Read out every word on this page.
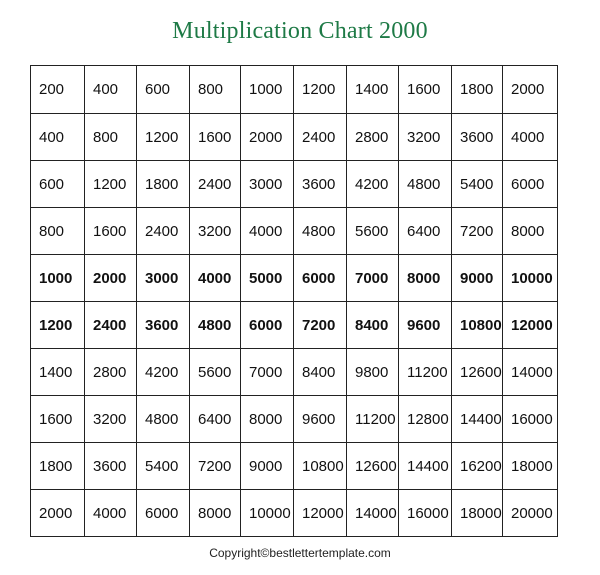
Multiplication Chart 2000
200	400	600	800	1000	1200	1400	1600	1800	2000
400	800	1200	1600	2000	2400	2800	3200	3600	4000
600	1200	1800	2400	3000	3600	4200	4800	5400	6000
800	1600	2400	3200	4000	4800	5600	6400	7200	8000
1000	2000	3000	4000	5000	6000	7000	8000	9000	10000
1200	2400	3600	4800	6000	7200	8400	9600	10800	12000
1400	2800	4200	5600	7000	8400	9800	11200	12600	14000
1600	3200	4800	6400	8000	9600	11200	12800	14400	16000
1800	3600	5400	7200	9000	10800	12600	14400	16200	18000
2000	4000	6000	8000	10000	12000	14000	16000	18000	20000
Copyright©bestlettertemplate.com
